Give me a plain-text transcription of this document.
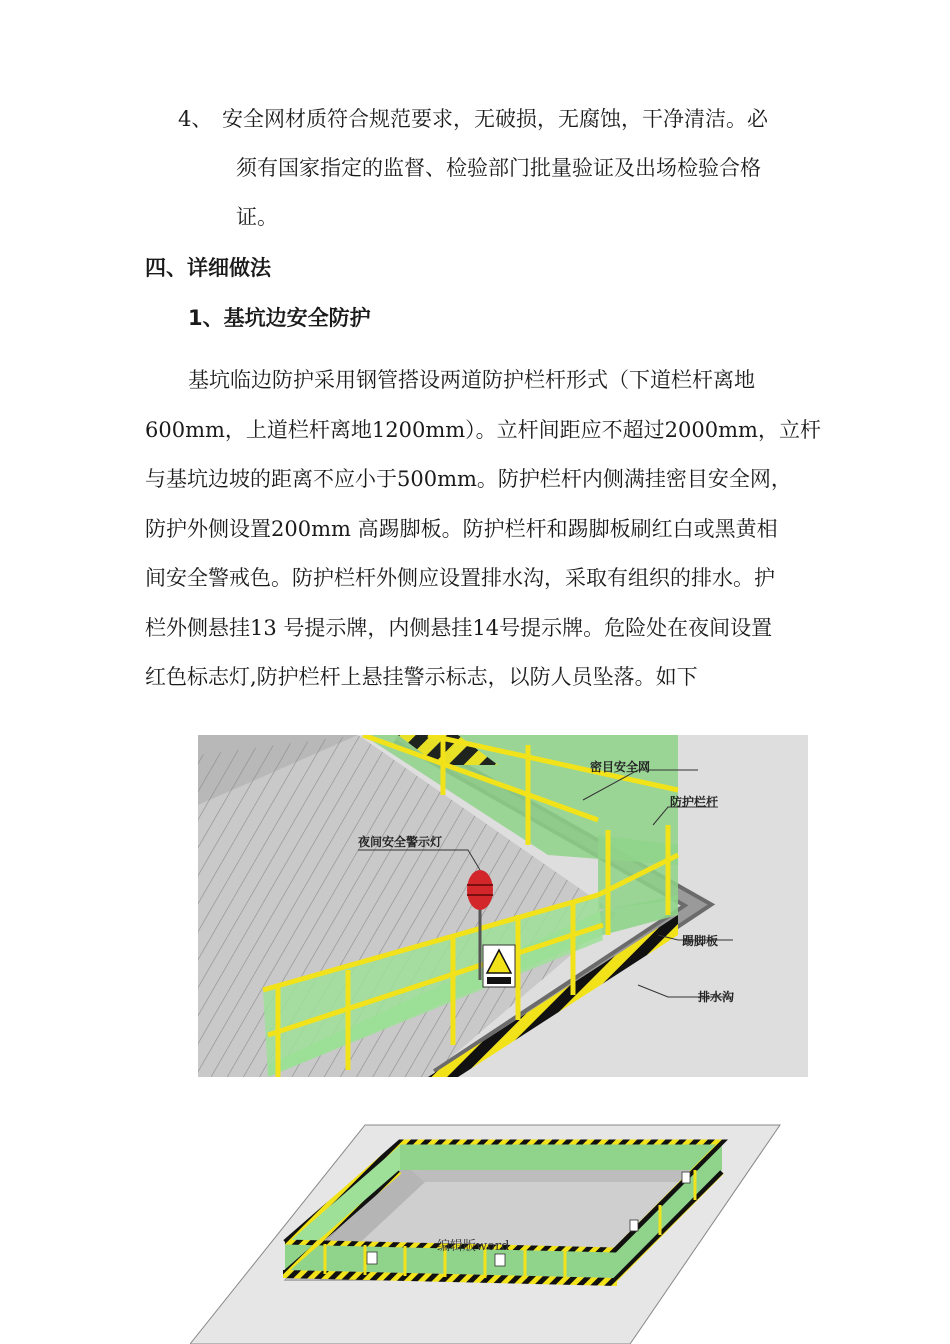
4、 安全网材质符合规范要求，无破损，无腐蚀，干净清洁。必
须有国家指定的监督、检验部门批量验证及出场检验合格
证。
四、详细做法
1、基坑边安全防护
基坑临边防护采用钢管搭设两道防护栏杆形式（下道栏杆离地
600mm，上道栏杆离地1200mm）。立杆间距应不超过2000mm，立杆
与基坑边坡的距离不应小于500mm。防护栏杆内侧满挂密目安全网，
防护外侧设置200mm 高踢脚板。防护栏杆和踢脚板刷红白或黑黄相
间安全警戒色。防护栏杆外侧应设置排水沟，采取有组织的排水。护
栏外侧悬挂13 号提示牌，内侧悬挂14号提示牌。危险处在夜间设置
红色标志灯,防护栏杆上悬挂警示标志，以防人员坠落。如下
密目安全网
防护栏杆
夜间安全警示灯
踢脚板
排水沟
编辑版word
